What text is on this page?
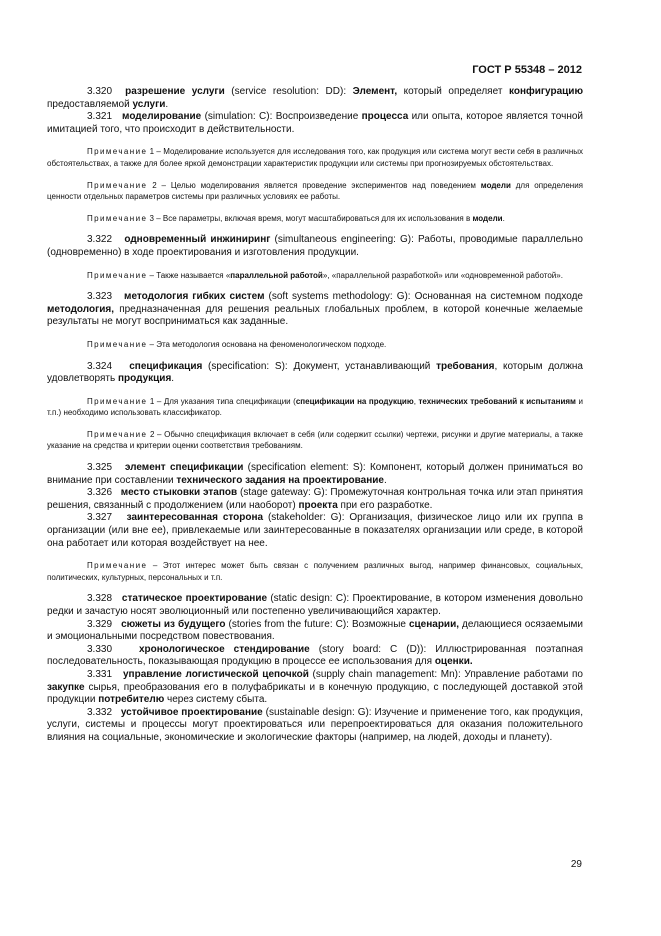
ГОСТ Р 55348 – 2012

3.320 разрешение услуги (service resolution: DD): Элемент, который определяет конфигурацию предоставляемой услуги.

3.321 моделирование (simulation: C): Воспроизведение процесса или опыта, которое является точной имитацией того, что происходит в действительности.

Примечание 1 – Моделирование используется для исследования того, как продукция или система могут вести себя в различных обстоятельствах, а также для более яркой демонстрации характеристик продукции или системы при прогнозируемых обстоятельствах.

Примечание 2 – Целью моделирования является проведение экспериментов над поведением модели для определения ценности отдельных параметров системы при различных условиях ее работы.

Примечание 3 – Все параметры, включая время, могут масштабироваться для их использования в модели.

3.322 одновременный инжиниринг (simultaneous engineering: G): Работы, проводимые параллельно (одновременно) в ходе проектирования и изготовления продукции.

Примечание – Также называется «параллельной работой», «параллельной разработкой» или «одновременной работой».

3.323 методология гибких систем (soft systems methodology: G): Основанная на системном подходе методология, предназначенная для решения реальных глобальных проблем, в которой конечные желаемые результаты не могут восприниматься как заданные.

Примечание – Эта методология основана на феноменологическом подходе.

3.324 спецификация (specification: S): Документ, устанавливающий требования, которым должна удовлетворять продукция.

Примечание 1 – Для указания типа спецификации (спецификации на продукцию, технических требований к испытаниям и т.п.) необходимо использовать классификатор.

Примечание 2 – Обычно спецификация включает в себя (или содержит ссылки) чертежи, рисунки и другие материалы, а также указание на средства и критерии оценки соответствия требованиям.

3.325 элемент спецификации (specification element: S): Компонент, который должен приниматься во внимание при составлении технического задания на проектирование.

3.326 место стыковки этапов (stage gateway: G): Промежуточная контрольная точка или этап принятия решения, связанный с продолжением (или наоборот) проекта при его разработке.

3.327 заинтересованная сторона (stakeholder: G): Организация, физическое лицо или их группа в организации (или вне ее), привлекаемые или заинтересованные в показателях организации или среде, в которой она работает или которая воздействует на нее.

Примечание – Этот интерес может быть связан с получением различных выгод, например финансовых, социальных, политических, культурных, персональных и т.п.

3.328 статическое проектирование (static design: C): Проектирование, в котором изменения довольно редки и зачастую носят эволюционный или постепенно увеличивающийся характер.

3.329 сюжеты из будущего (stories from the future: C): Возможные сценарии, делающиеся осязаемыми и эмоциональными посредством повествования.

3.330	хронологическое стендирование (story board: C (D)): Иллюстрированная поэтапная последовательность, показывающая продукцию в процессе ее использования для оценки.

3.331 управление логистической цепочкой (supply chain management: Mn): Управление работами по закупке сырья, преобразования его в полуфабрикаты и в конечную продукцию, с последующей доставкой этой продукции потребителю через систему сбыта.

3.332 устойчивое проектирование (sustainable design: G): Изучение и применение того, как продукция, услуги, системы и процессы могут проектироваться или перепроектироваться для оказания положительного влияния на социальные, экономические и экологические факторы (например, на людей, доходы и планету).

29
